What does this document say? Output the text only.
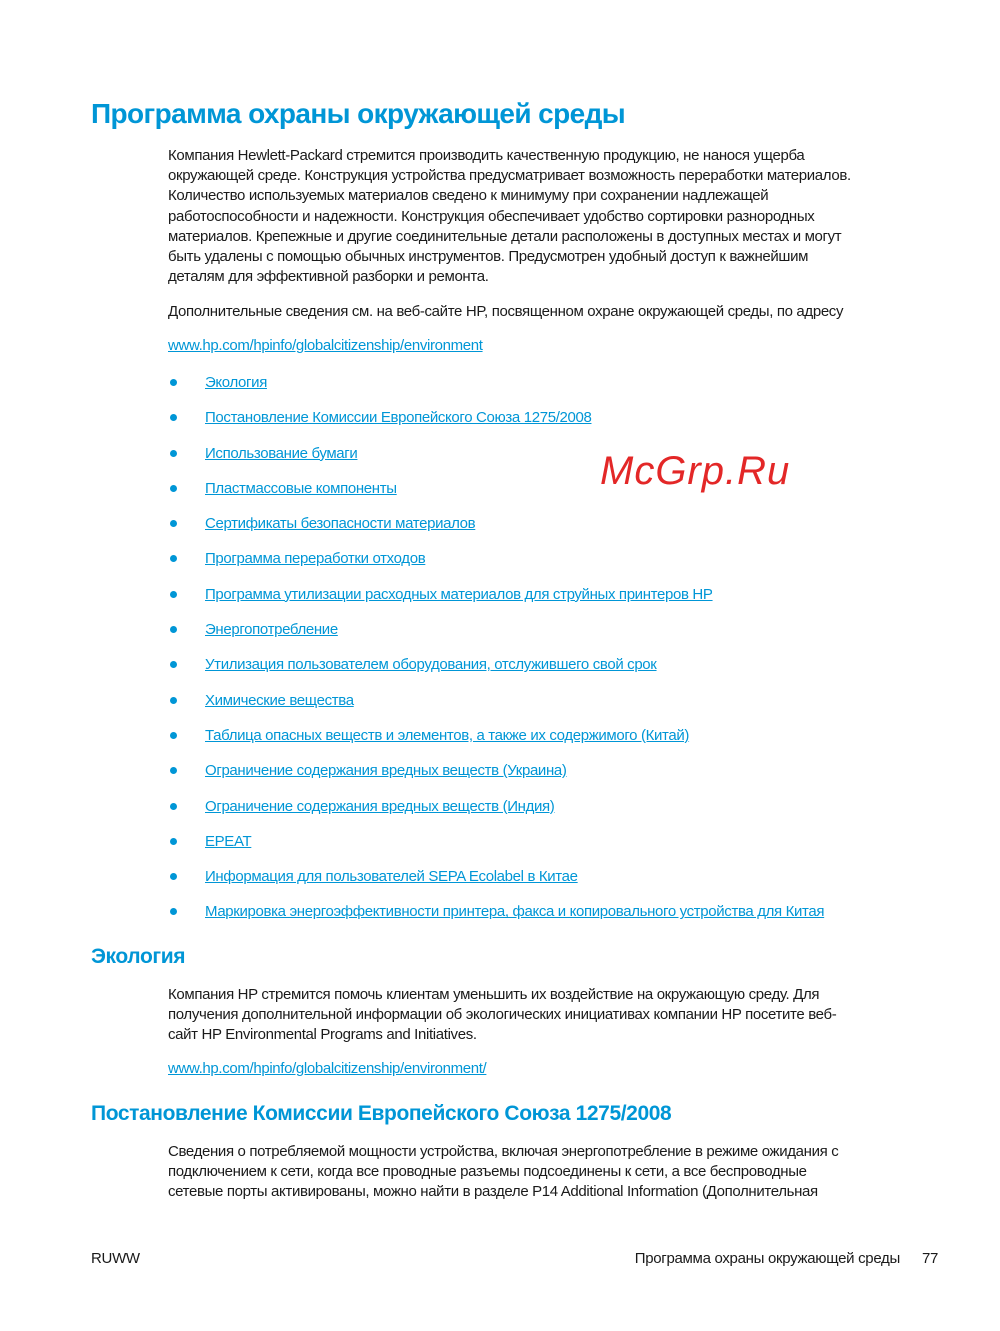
Программа охраны окружающей среды
Компания Hewlett-Packard стремится производить качественную продукцию, не нанося ущерба
окружающей среде. Конструкция устройства предусматривает возможность переработки материалов.
Количество используемых материалов сведено к минимуму при сохранении надлежащей
работоспособности и надежности. Конструкция обеспечивает удобство сортировки разнородных
материалов. Крепежные и другие соединительные детали расположены в доступных местах и могут
быть удалены с помощью обычных инструментов. Предусмотрен удобный доступ к важнейшим
деталям для эффективной разборки и ремонта.
Дополнительные сведения см. на веб-сайте HP, посвященном охране окружающей среды, по адресу
www.hp.com/hpinfo/globalcitizenship/environment
Экология
Постановление Комиссии Европейского Союза 1275/2008
Использование бумаги
Пластмассовые компоненты
Сертификаты безопасности материалов
Программа переработки отходов
Программа утилизации расходных материалов для струйных принтеров HP
Энергопотребление
Утилизация пользователем оборудования, отслужившего свой срок
Химические вещества
Таблица опасных веществ и элементов, а также их содержимого (Китай)
Ограничение содержания вредных веществ (Украина)
Ограничение содержания вредных веществ (Индия)
EPEAT
Информация для пользователей SEPA Ecolabel в Китае
Маркировка энергоэффективности принтера, факса и копировального устройства для Китая
Экология
Компания HP стремится помочь клиентам уменьшить их воздействие на окружающую среду. Для
получения дополнительной информации об экологических инициативах компании HP посетите веб-
сайт HP Environmental Programs and Initiatives.
www.hp.com/hpinfo/globalcitizenship/environment/
Постановление Комиссии Европейского Союза 1275/2008
Сведения о потребляемой мощности устройства, включая энергопотребление в режиме ожидания с
подключением к сети, когда все проводные разъемы подсоединены к сети, а все беспроводные
сетевые порты активированы, можно найти в разделе P14 Additional Information (Дополнительная
RUWW	Программа охраны окружающей среды 77
McGrp.Ru
